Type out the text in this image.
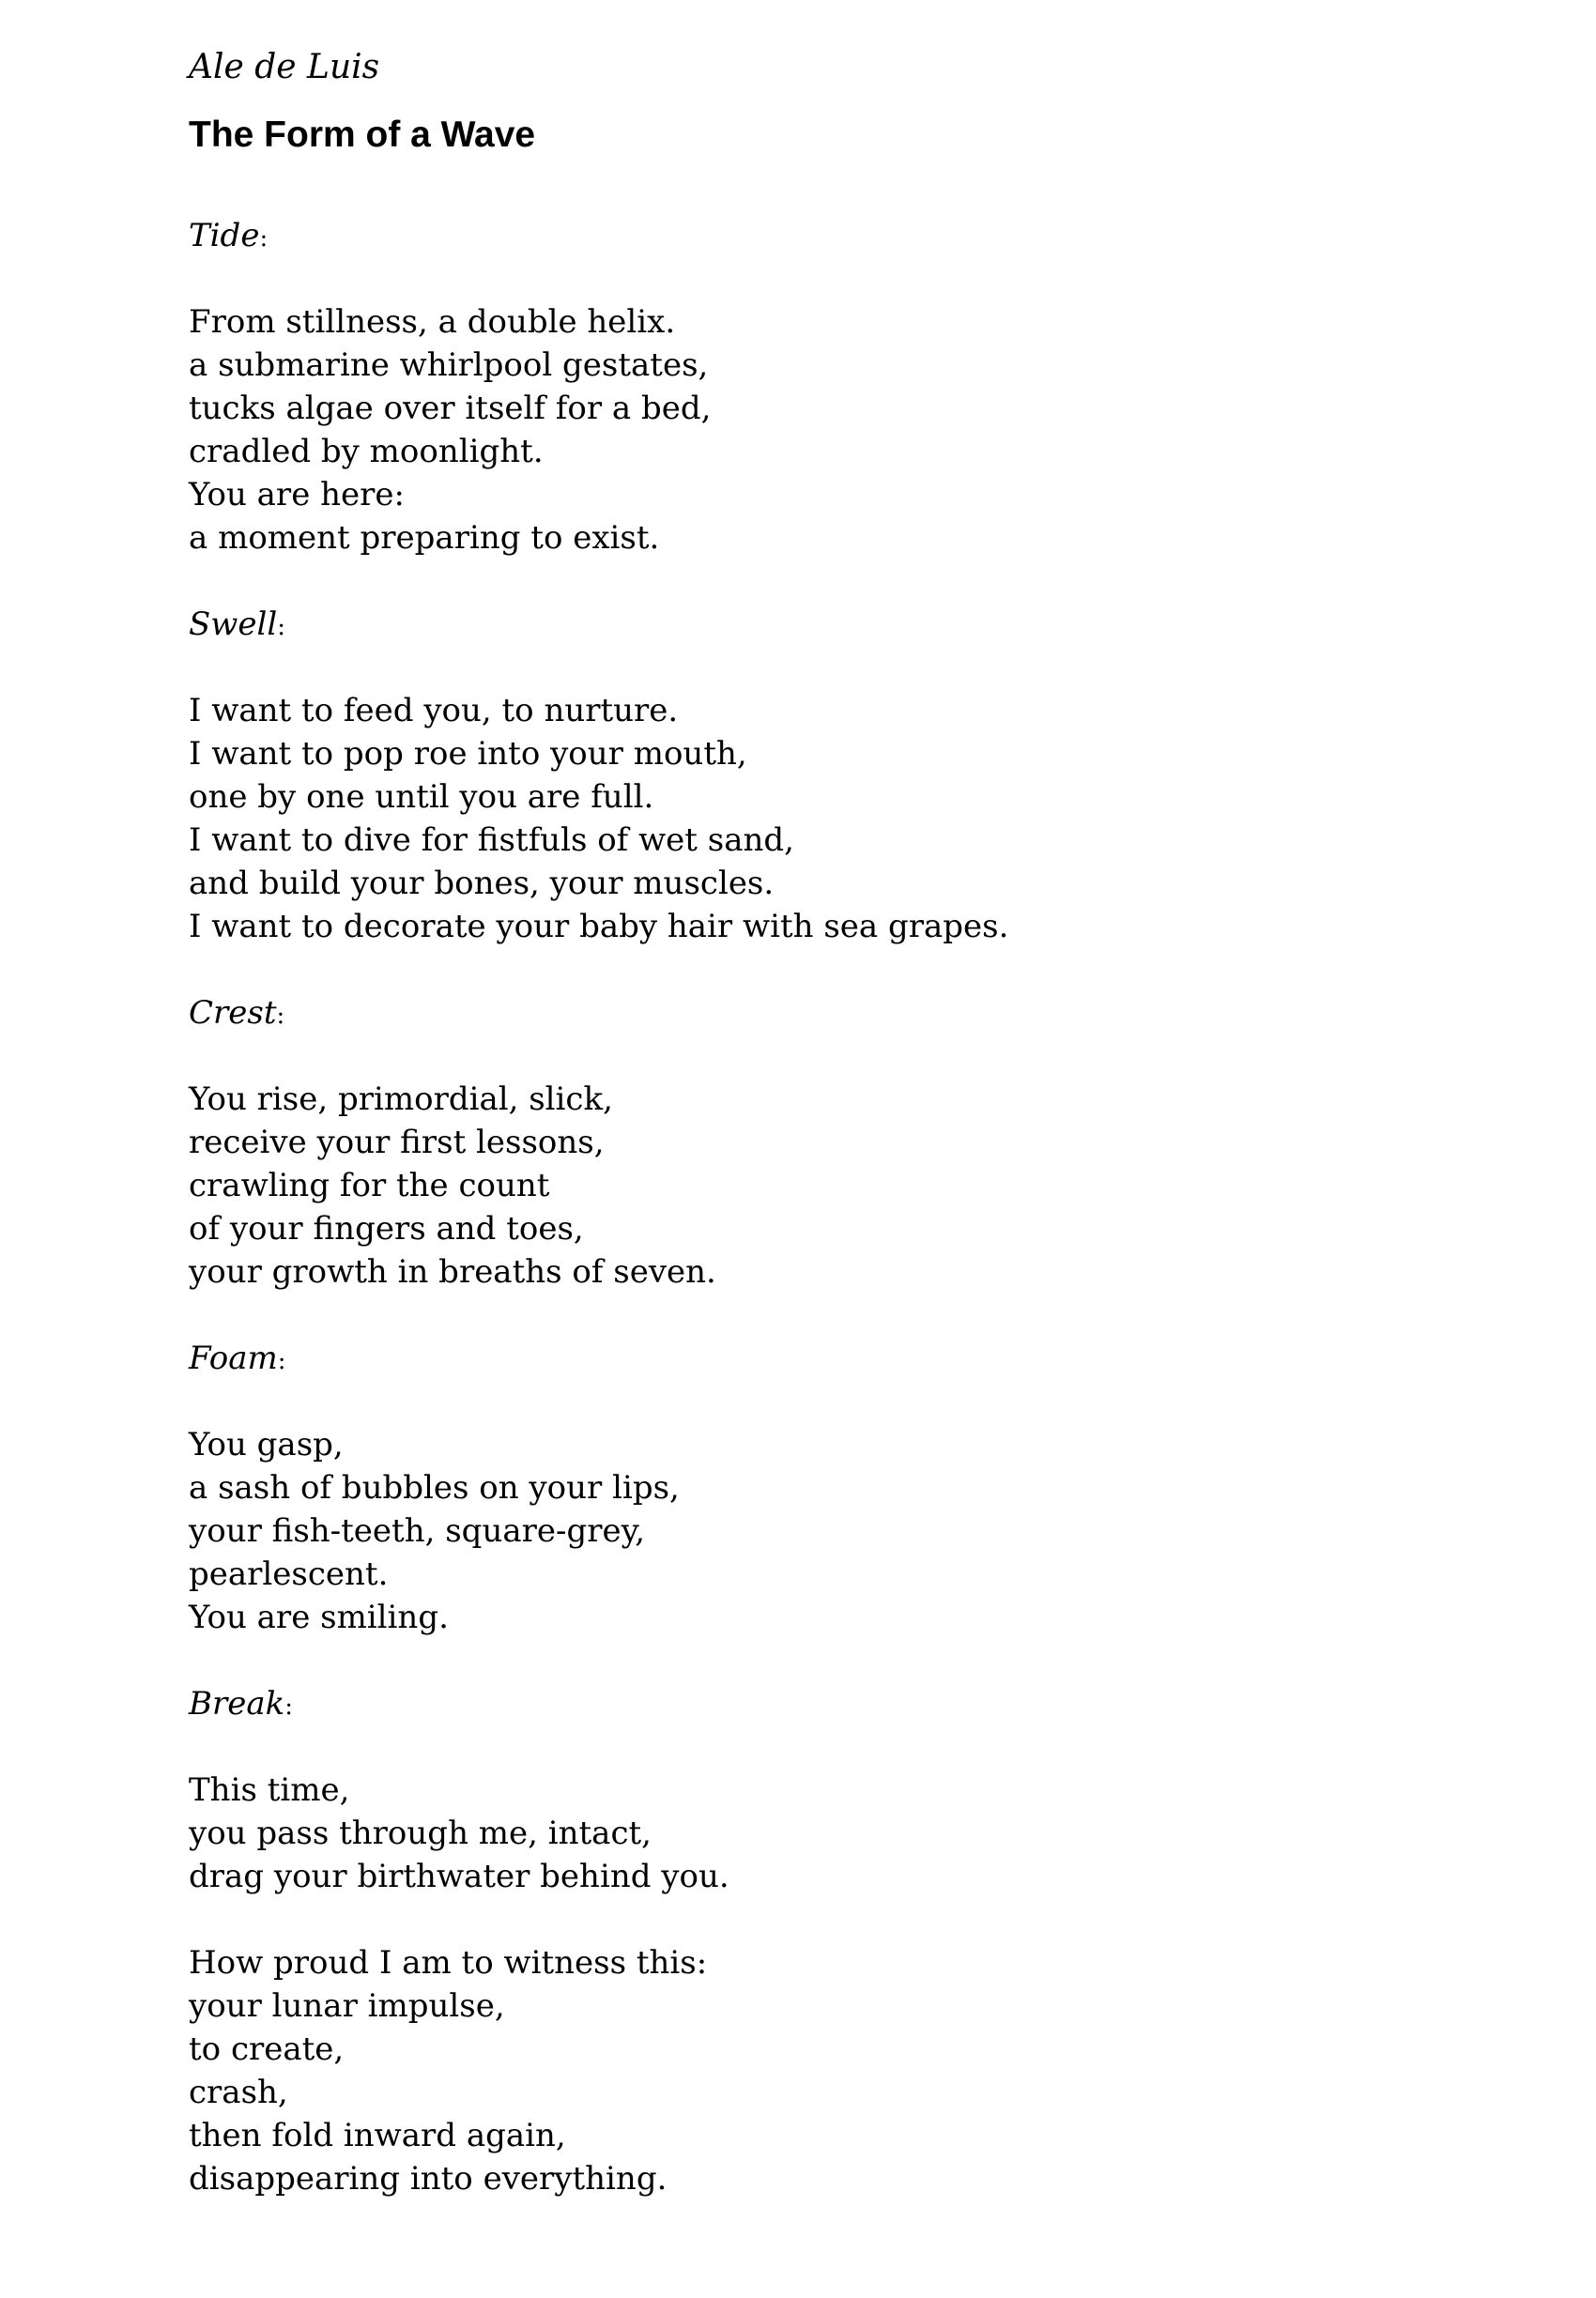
Ale de Luis
The Form of a Wave
Tide:
From stillness, a double helix.
a submarine whirlpool gestates,
tucks algae over itself for a bed,
cradled by moonlight.
You are here:
a moment preparing to exist.
Swell:
I want to feed you, to nurture.
I want to pop roe into your mouth,
one by one until you are full.
I want to dive for fistfuls of wet sand,
and build your bones, your muscles.
I want to decorate your baby hair with sea grapes.
Crest:
You rise, primordial, slick,
receive your first lessons,
crawling for the count
of your fingers and toes,
your growth in breaths of seven.
Foam:
You gasp,
a sash of bubbles on your lips,
your fish-teeth, square-grey,
pearlescent.
You are smiling.
Break:
This time,
you pass through me, intact,
drag your birthwater behind you.
How proud I am to witness this:
your lunar impulse,
to create,
crash,
then fold inward again,
disappearing into everything.
